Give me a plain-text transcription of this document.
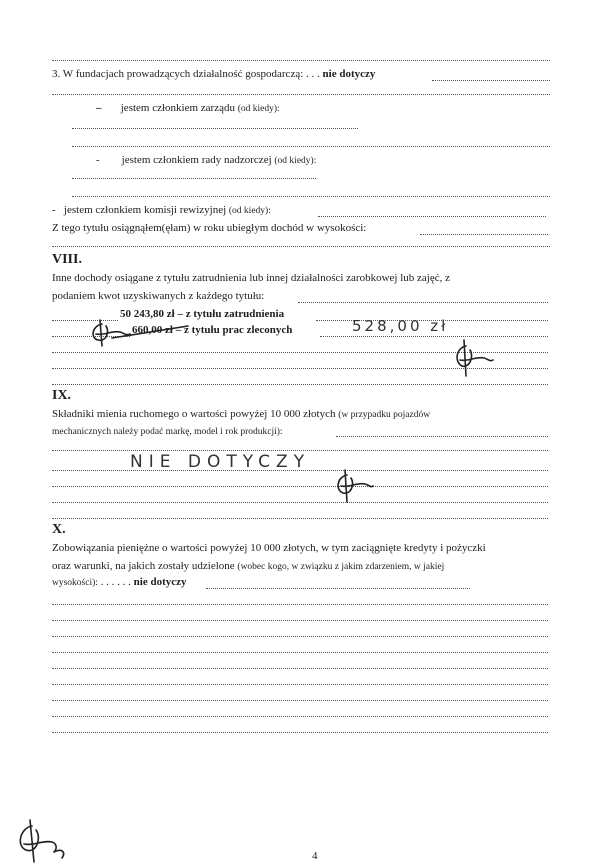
3. W fundacjach prowadzących działalność gospodarczą: . . . nie dotyczy
– jestem członkiem zarządu (od kiedy):
- jestem członkiem rady nadzorczej (od kiedy):
- jestem członkiem komisji rewizyjnej (od kiedy):
Z tego tytułu osiągnąłem(ęłam) w roku ubiegłym dochód w wysokości:
VIII.
Inne dochody osiągane z tytułu zatrudnienia lub innej działalności zarobkowej lub zajęć, z
podaniem kwot uzyskiwanych z każdego tytułu:
50 243,80 zł – z tytułu zatrudnienia
660,00 zł – z tytułu prac zleconych	528,00 zł
IX.
Składniki mienia ruchomego o wartości powyżej 10 000 złotych (w przypadku pojazdów
mechanicznych należy podać markę, model i rok produkcji):
NIE DOTYCZY
X.
Zobowiązania pieniężne o wartości powyżej 10 000 złotych, w tym zaciągnięte kredyty i pożyczki
oraz warunki, na jakich zostały udzielone (wobec kogo, w związku z jakim zdarzeniem, w jakiej
wysokości): . . . . . . nie dotyczy
4
